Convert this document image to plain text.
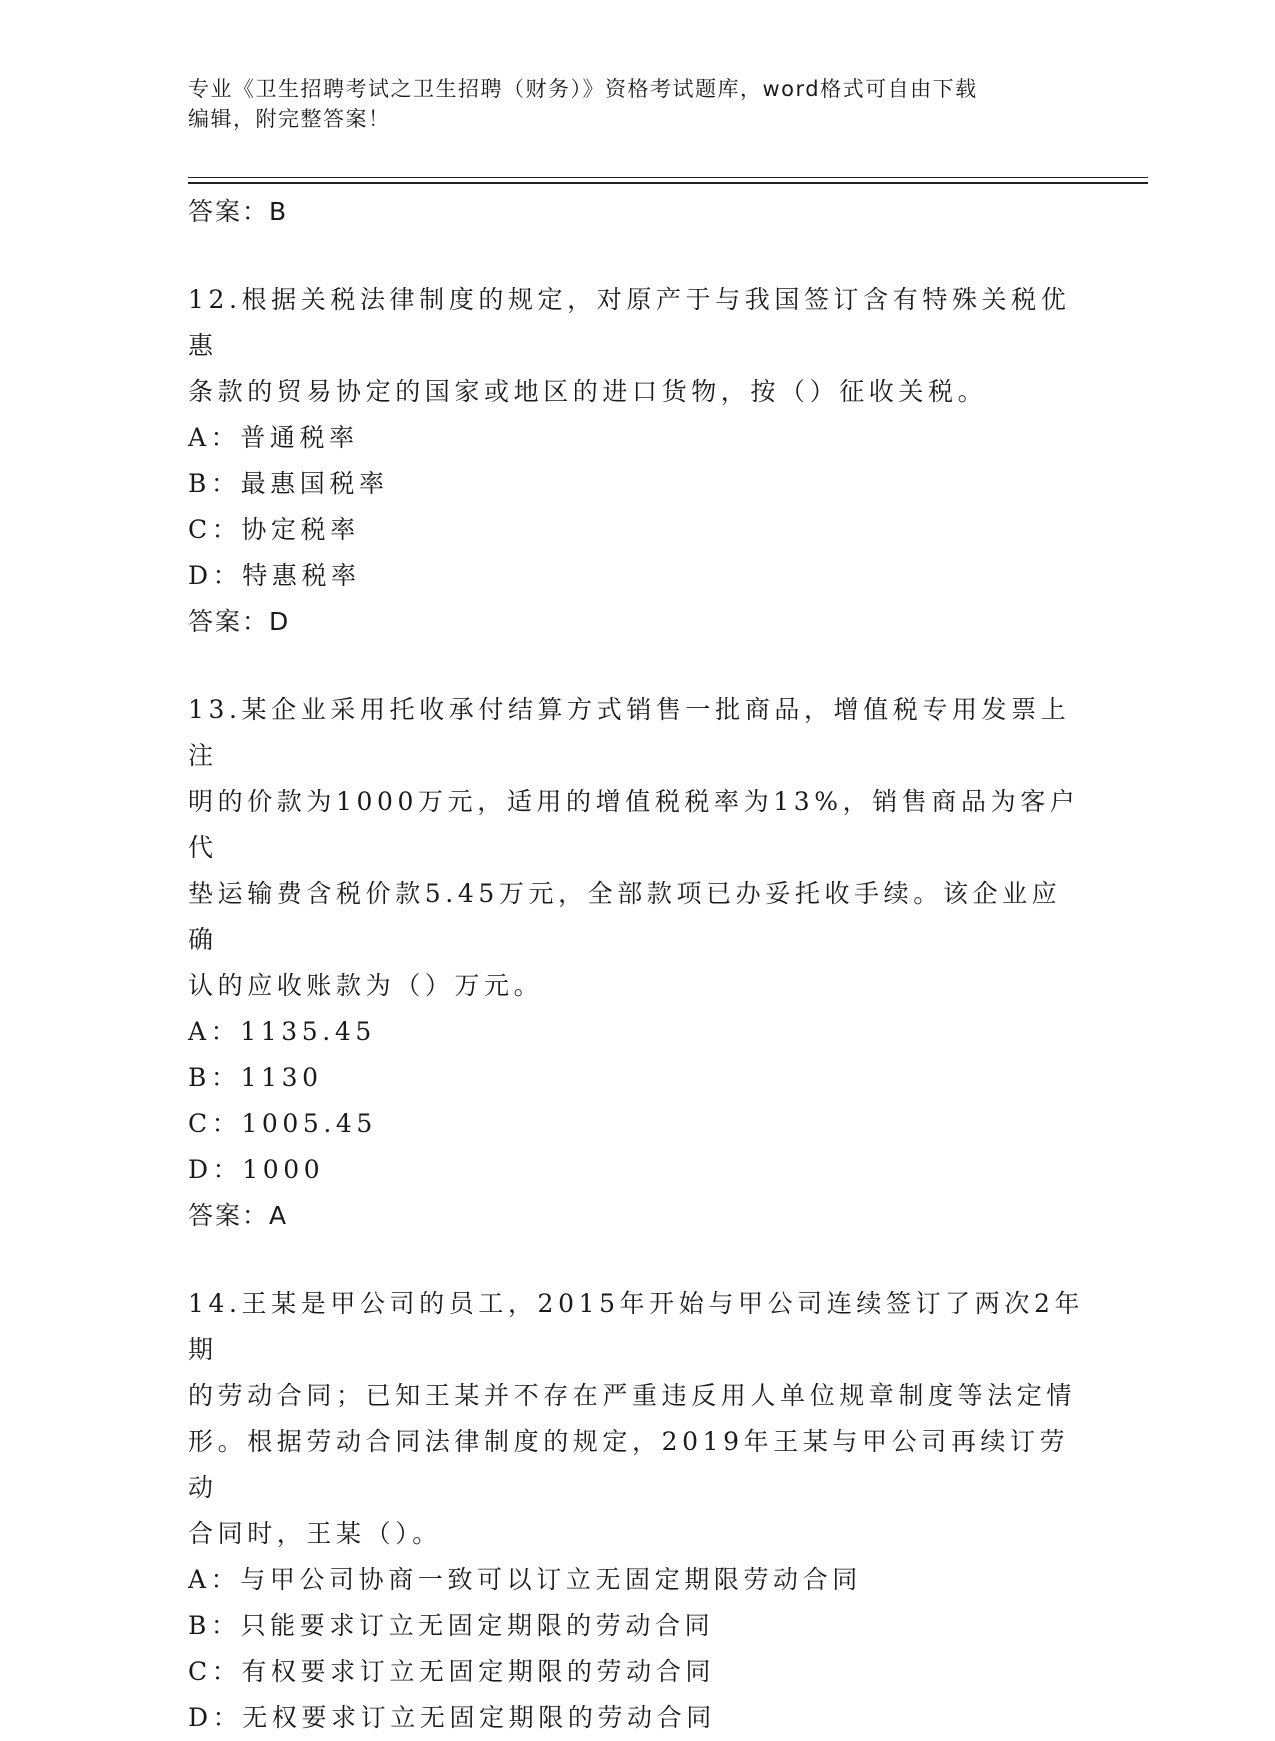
专业《卫生招聘考试之卫生招聘（财务）》资格考试题库，word格式可自由下载
编辑，附完整答案！

答案：B

12.根据关税法律制度的规定，对原产于与我国签订含有特殊关税优惠
条款的贸易协定的国家或地区的进口货物，按（）征收关税。

A：普通税率

B：最惠国税率

C：协定税率

D：特惠税率

答案：D

13.某企业采用托收承付结算方式销售一批商品，增值税专用发票上注
明的价款为1000万元，适用的增值税税率为13%，销售商品为客户代
垫运输费含税价款5.45万元，全部款项已办妥托收手续。该企业应确
认的应收账款为（）万元。

A：1135.45

B：1130

C：1005.45

D：1000

答案：A

14.王某是甲公司的员工，2015年开始与甲公司连续签订了两次2年期
的劳动合同；已知王某并不存在严重违反用人单位规章制度等法定情
形。根据劳动合同法律制度的规定，2019年王某与甲公司再续订劳动
合同时，王某（）。

A：与甲公司协商一致可以订立无固定期限劳动合同

B：只能要求订立无固定期限的劳动合同

C：有权要求订立无固定期限的劳动合同

D：无权要求订立无固定期限的劳动合同
